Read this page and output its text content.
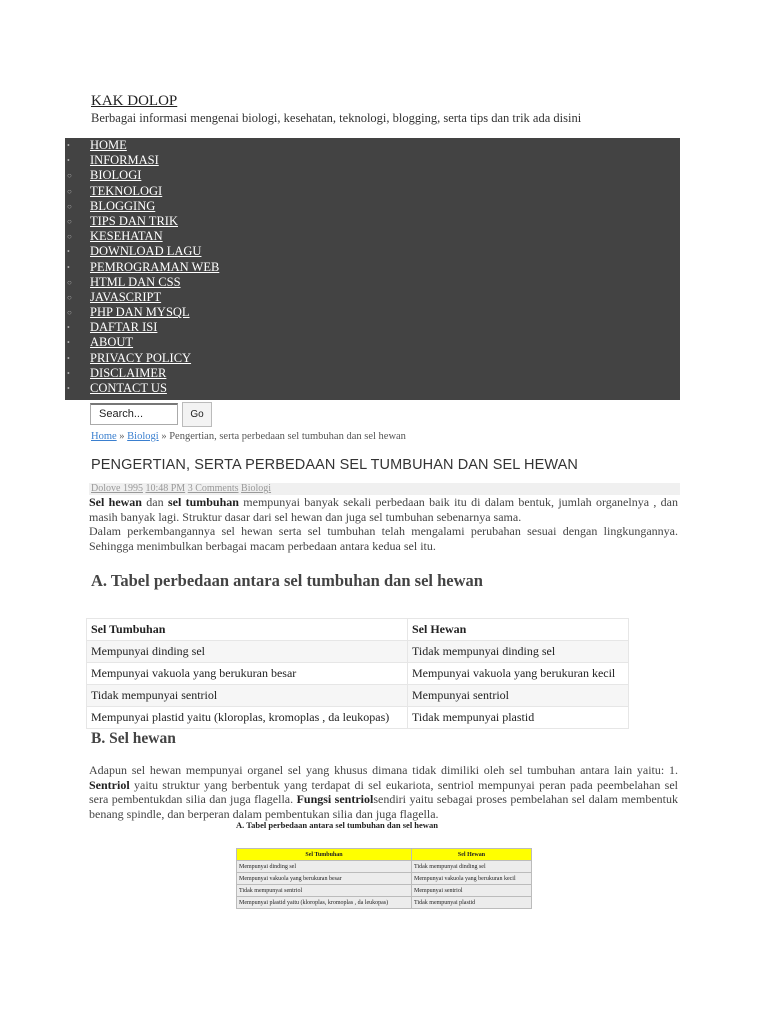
KAK DOLOP
Berbagai informasi mengenai biologi, kesehatan, teknologi, blogging, serta tips dan trik ada disini
• HOME
• INFORMASI
○ BIOLOGI
○ TEKNOLOGI
○ BLOGGING
○ TIPS DAN TRIK
○ KESEHATAN
• DOWNLOAD LAGU
• PEMROGRAMAN WEB
○ HTML DAN CSS
○ JAVASCRIPT
○ PHP DAN MYSQL
• DAFTAR ISI
• ABOUT
• PRIVACY POLICY
• DISCLAIMER
• CONTACT US
Search...	Go
Home » Biologi » Pengertian, serta perbedaan sel tumbuhan dan sel hewan
PENGERTIAN, SERTA PERBEDAAN SEL TUMBUHAN DAN SEL HEWAN
Dolove 1995 10:48 PM 3 Comments Biologi

Sel hewan dan sel tumbuhan mempunyai banyak sekali perbedaan baik itu di dalam bentuk, jumlah organelnya , dan masih banyak lagi. Struktur dasar dari sel hewan dan juga sel tumbuhan sebenarnya sama.

Dalam perkembangannya sel hewan serta sel tumbuhan telah mengalami perubahan sesuai dengan lingkungannya. Sehingga menimbulkan berbagai macam perbedaan antara kedua sel itu.

A. Tabel perbedaan antara sel tumbuhan dan sel hewan
Sel Tumbuhan	Sel Hewan
Mempunyai dinding sel	Tidak mempunyai dinding sel
Mempunyai vakuola yang berukuran besar	Mempunyai vakuola yang berukuran kecil
Tidak mempunyai sentriol	Mempunyai sentriol
Mempunyai plastid yaitu (kloroplas, kromoplas , da leukopas)	Tidak mempunyai plastid
B. Sel hewan
Adapun sel hewan mempunyai organel sel yang khusus dimana tidak dimiliki oleh sel tumbuhan antara lain yaitu: 1. Sentriol yaitu struktur yang berbentuk yang terdapat di sel eukariota, sentriol mempunyai peran pada peembelahan sel sera pembentukdan silia dan juga flagella. Fungsi sentriolsendiri yaitu sebagai proses pembelahan sel dalam membentuk benang spindle, dan berperan dalam pembentukan silia dan juga flagella.
A. Tabel perbedaan antara sel tumbuhan dan sel hewan
Sel Tumbuhan	Sel Hewan
Mempunyai dinding sel	Tidak mempunyai dinding sel
Mempunyai vakuola yang berukuran besar	Mempunyai vakuola yang berukuran kecil
Tidak mempunyai sentriol	Mempunyai sentriol
Mempunyai plastid yaitu (kloroplas, kromoplas , da leukopas)	Tidak mempunyai plastid
